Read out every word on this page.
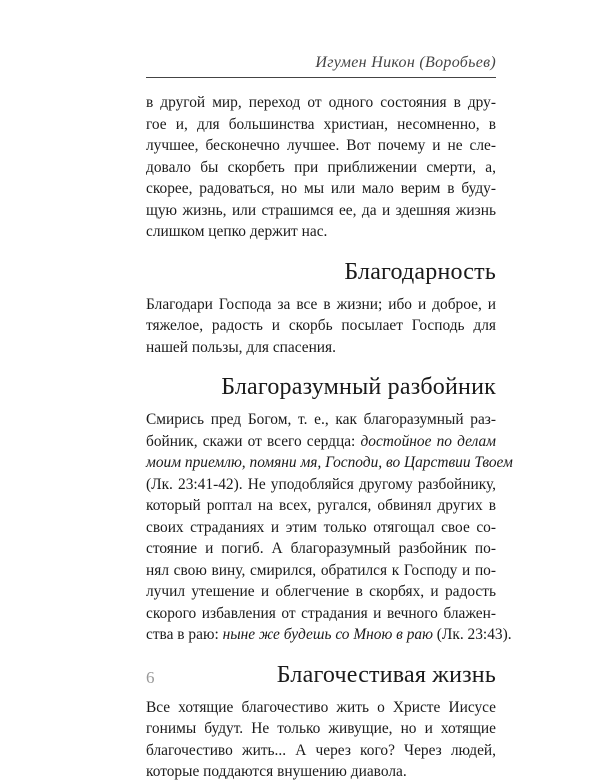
Игумен Никон (Воробьев)

в другой мир, переход от одного состояния в дру-
гое и, для большинства христиан, несомненно, в
лучшее, бесконечно лучшее. Вот почему и не сле-
довало бы скорбеть при приближении смерти, а,
скорее, радоваться, но мы или мало верим в буду-
щую жизнь, или страшимся ее, да и здешняя жизнь
слишком цепко держит нас.

Благодарность

Благодари Господа за все в жизни; ибо и доброе, и
тяжелое, радость и скорбь посылает Господь для
нашей пользы, для спасения.

Благоразумный разбойник

Смирись пред Богом, т. е., как благоразумный раз-
бойник, скажи от всего сердца: достойное по делам
моим приемлю, помяни мя, Господи, во Царствии Твоем
(Лк. 23:41-42). Не уподобляйся другому разбойнику,
который роптал на всех, ругался, обвинял других в
своих страданиях и этим только отягощал свое со-
стояние и погиб. А благоразумный разбойник по-
нял свою вину, смирился, обратился к Господу и по-
лучил утешение и облегчение в скорбях, и радость
скорого избавления от страдания и вечного блажен-
ства в раю: ныне же будешь со Мною в раю (Лк. 23:43).

Благочестивая жизнь

Все хотящие благочестиво жить о Христе Иисусе
гонимы будут. Не только живущие, но и хотящие
благочестиво жить... А через кого? Через людей,
которые поддаются внушению диавола.

6
